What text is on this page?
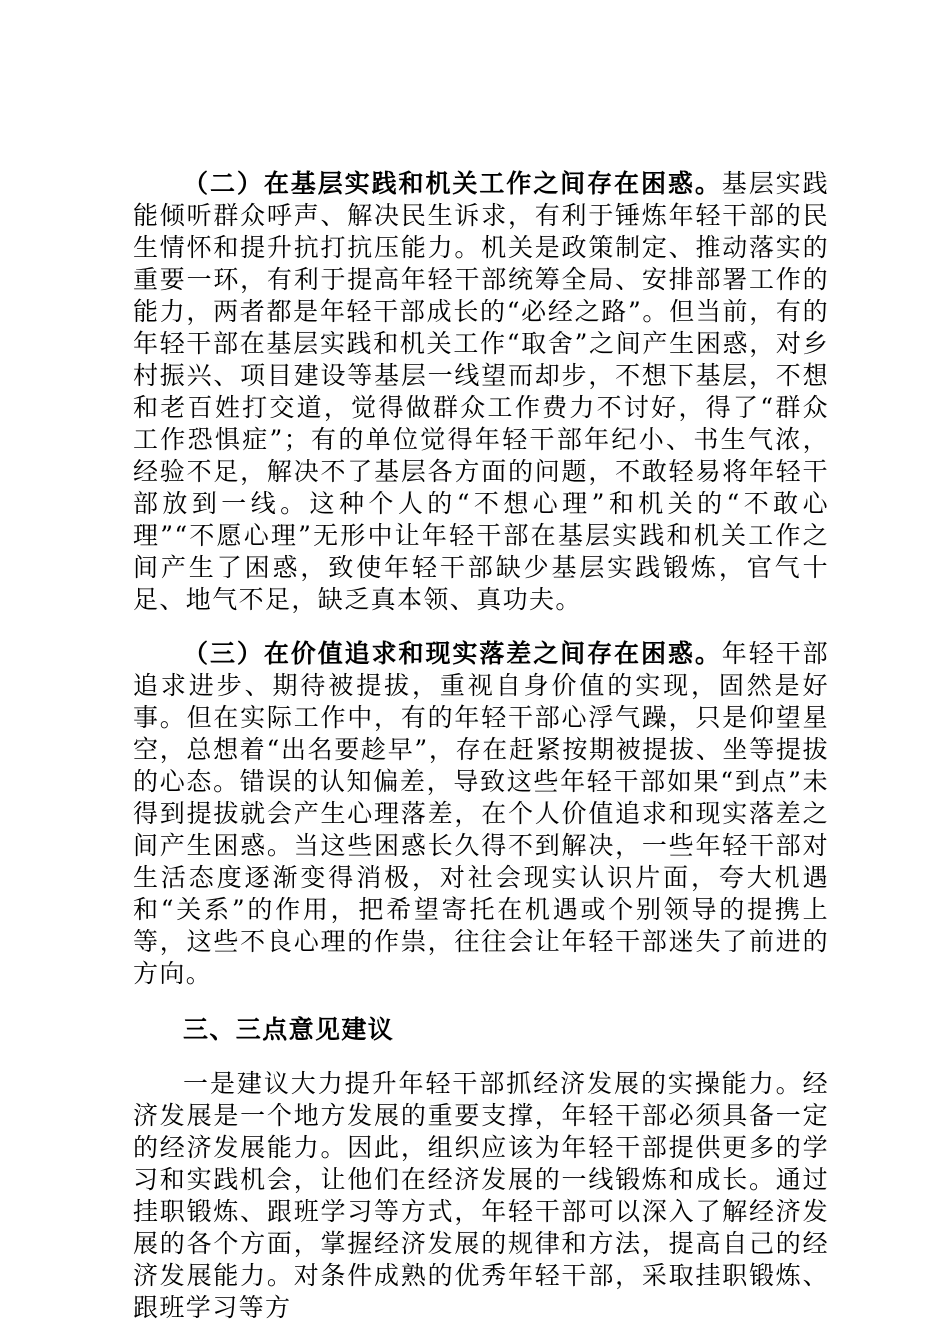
（二）在基层实践和机关工作之间存在困惑。基层实践能倾听群众呼声、解决民生诉求，有利于锤炼年轻干部的民生情怀和提升抗打抗压能力。机关是政策制定、推动落实的重要一环，有利于提高年轻干部统筹全局、安排部署工作的能力，两者都是年轻干部成长的“必经之路”。但当前，有的年轻干部在基层实践和机关工作“取舍”之间产生困惑，对乡村振兴、项目建设等基层一线望而却步，不想下基层，不想和老百姓打交道，觉得做群众工作费力不讨好，得了“群众工作恐惧症”；有的单位觉得年轻干部年纪小、书生气浓，经验不足，解决不了基层各方面的问题，不敢轻易将年轻干部放到一线。这种个人的“不想心理”和机关的“不敢心理”“不愿心理”无形中让年轻干部在基层实践和机关工作之间产生了困惑，致使年轻干部缺少基层实践锻炼，官气十足、地气不足，缺乏真本领、真功夫。

（三）在价值追求和现实落差之间存在困惑。年轻干部追求进步、期待被提拔，重视自身价值的实现，固然是好事。但在实际工作中，有的年轻干部心浮气躁，只是仰望星空，总想着“出名要趁早”，存在赶紧按期被提拔、坐等提拔的心态。错误的认知偏差，导致这些年轻干部如果“到点”未得到提拔就会产生心理落差，在个人价值追求和现实落差之间产生困惑。当这些困惑长久得不到解决，一些年轻干部对生活态度逐渐变得消极，对社会现实认识片面，夸大机遇和“关系”的作用，把希望寄托在机遇或个别领导的提携上等，这些不良心理的作祟，往往会让年轻干部迷失了前进的方向。

三、三点意见建议

一是建议大力提升年轻干部抓经济发展的实操能力。经济发展是一个地方发展的重要支撑，年轻干部必须具备一定的经济发展能力。因此，组织应该为年轻干部提供更多的学习和实践机会，让他们在经济发展的一线锻炼和成长。通过挂职锻炼、跟班学习等方式，年轻干部可以深入了解经济发展的各个方面，掌握经济发展的规律和方法，提高自己的经济发展能力。对条件成熟的优秀年轻干部，采取挂职锻炼、跟班学习等方
